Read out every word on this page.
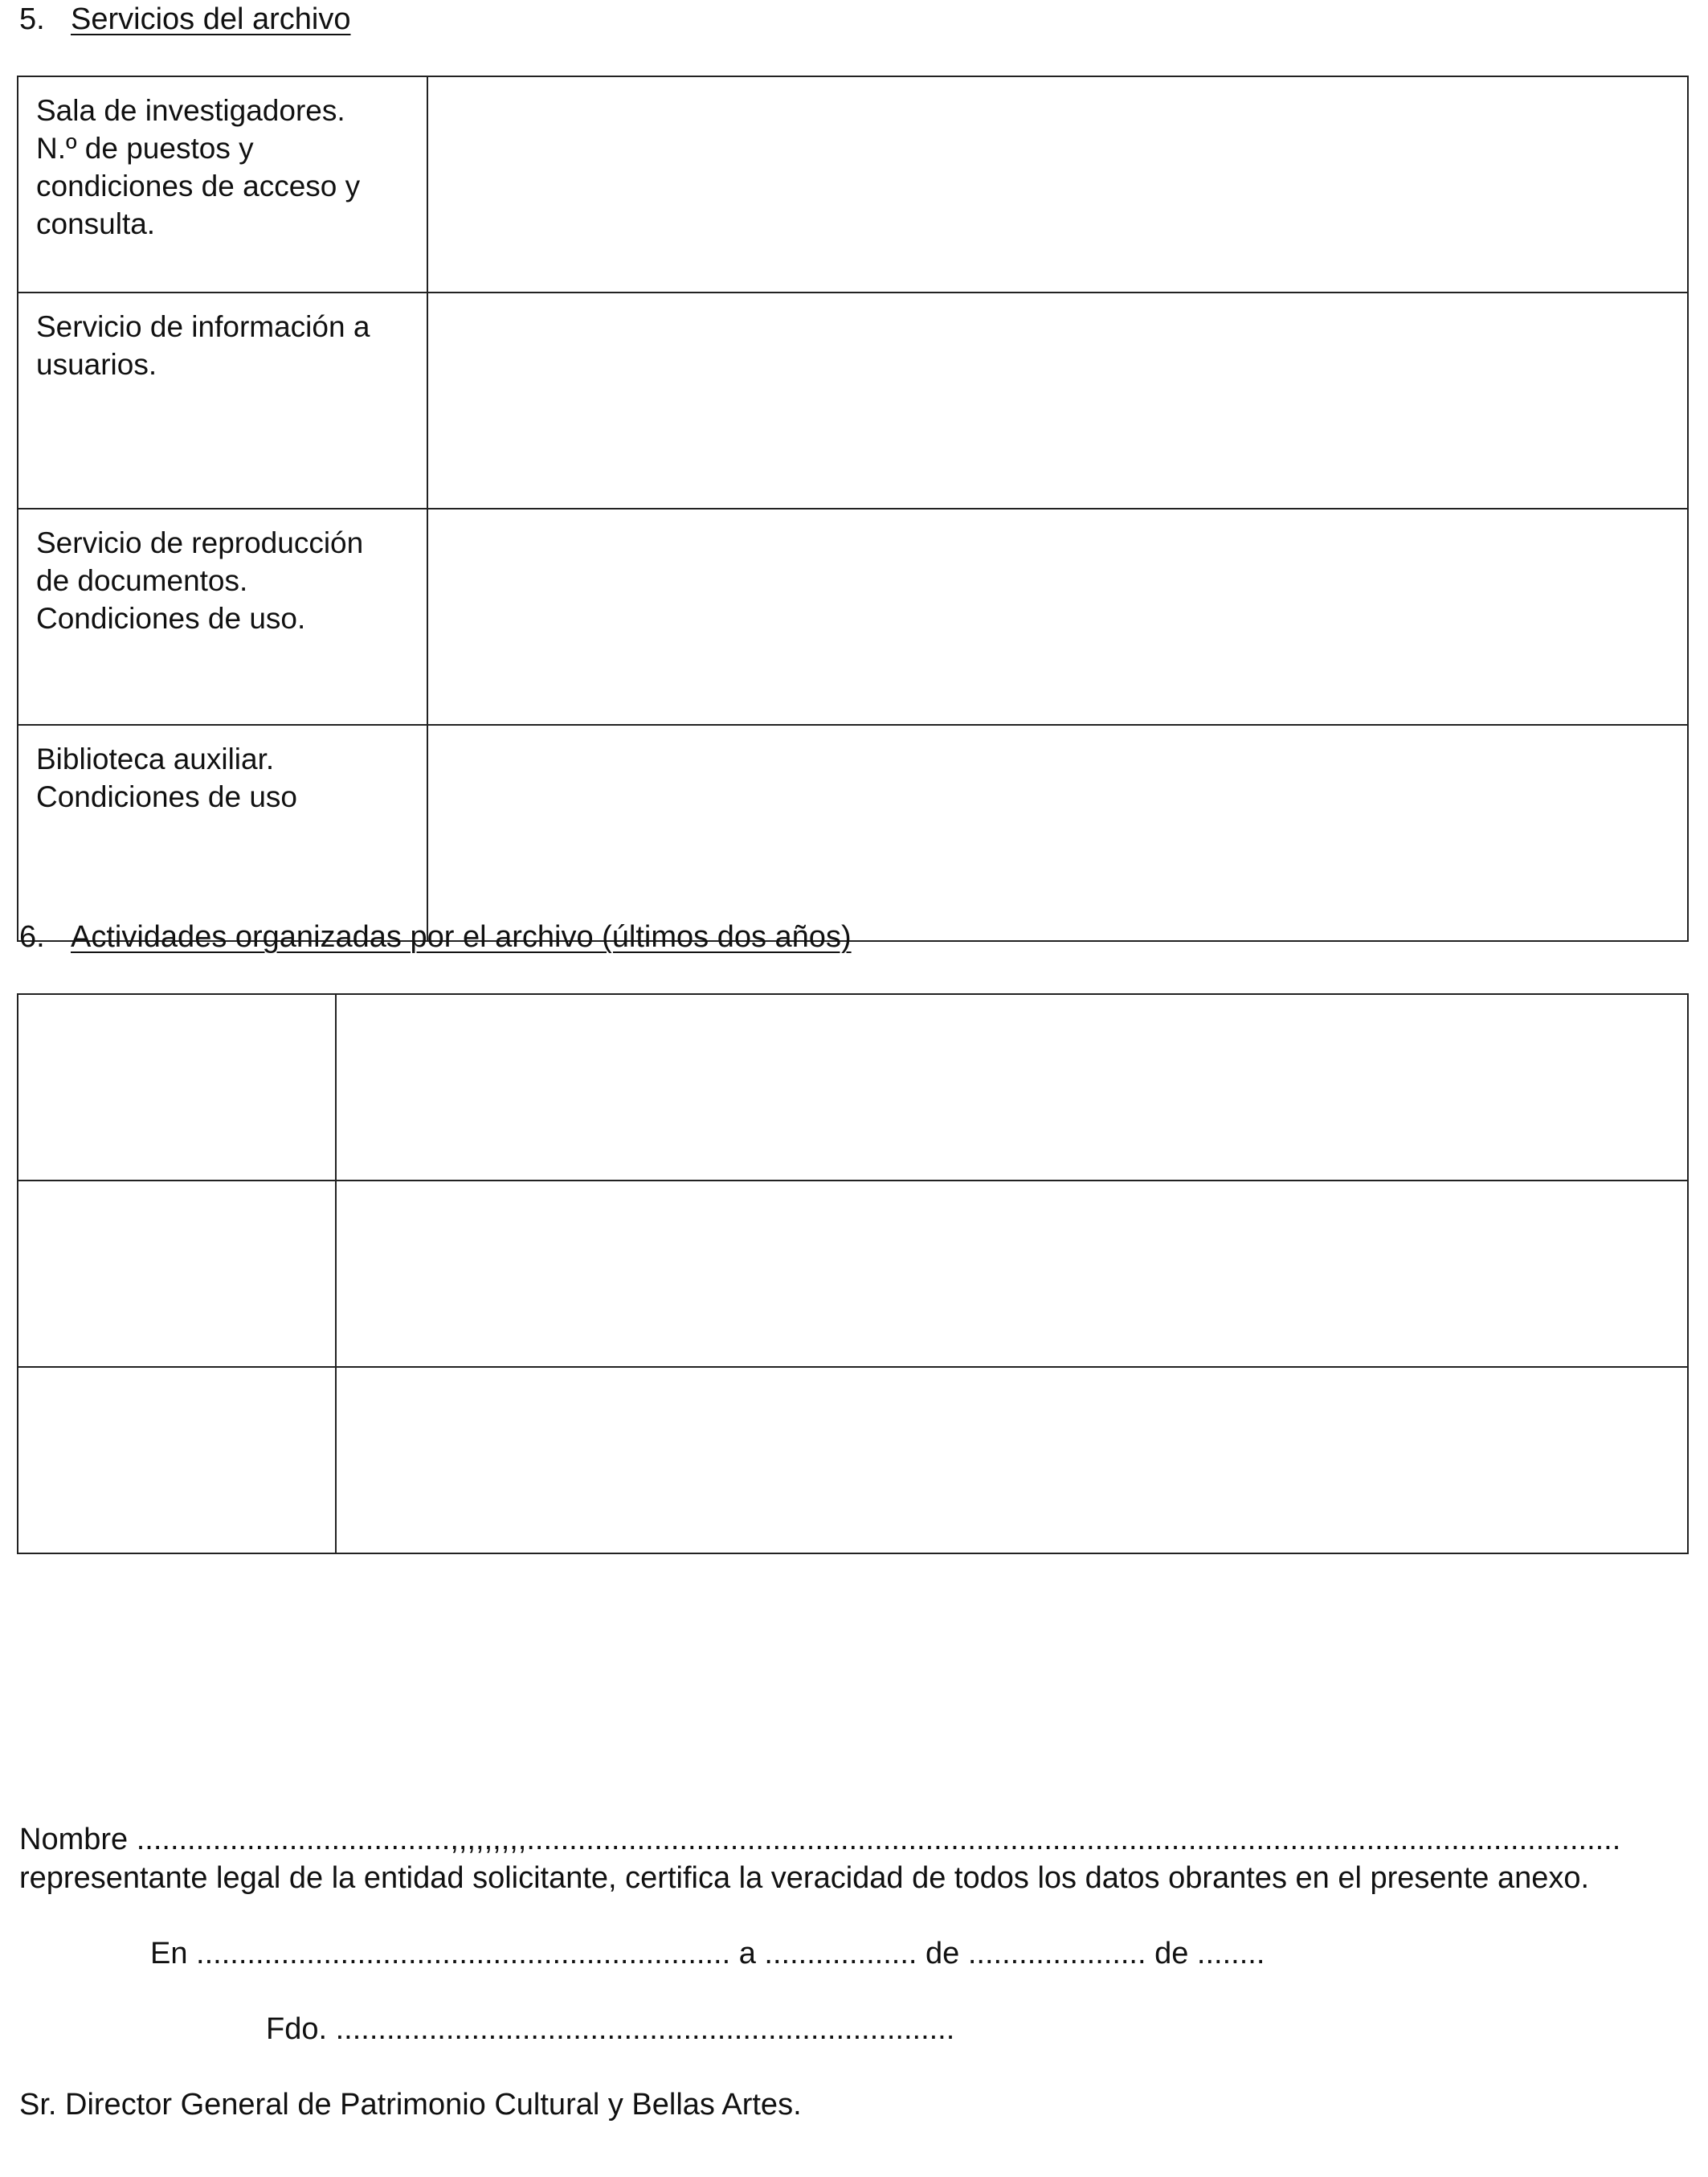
5. Servicios del archivo
Sala de investigadores.
N.º de puestos y
condiciones de acceso y
consulta.	

Servicio de información a
usuarios.	

Servicio de reproducción
de documentos.
Condiciones de uso.	

Biblioteca auxiliar.
Condiciones de uso	

6. Actividades organizadas por el archivo (últimos dos años)

Nombre .....................................,,,,,,,,,.................................................................................................................................
representante legal de la entidad solicitante, certifica la veracidad de todos los datos obrantes en el presente anexo.
En ............................................................... a .................. de ..................... de ........
Fdo. .........................................................................
Sr. Director General de Patrimonio Cultural y Bellas Artes.
